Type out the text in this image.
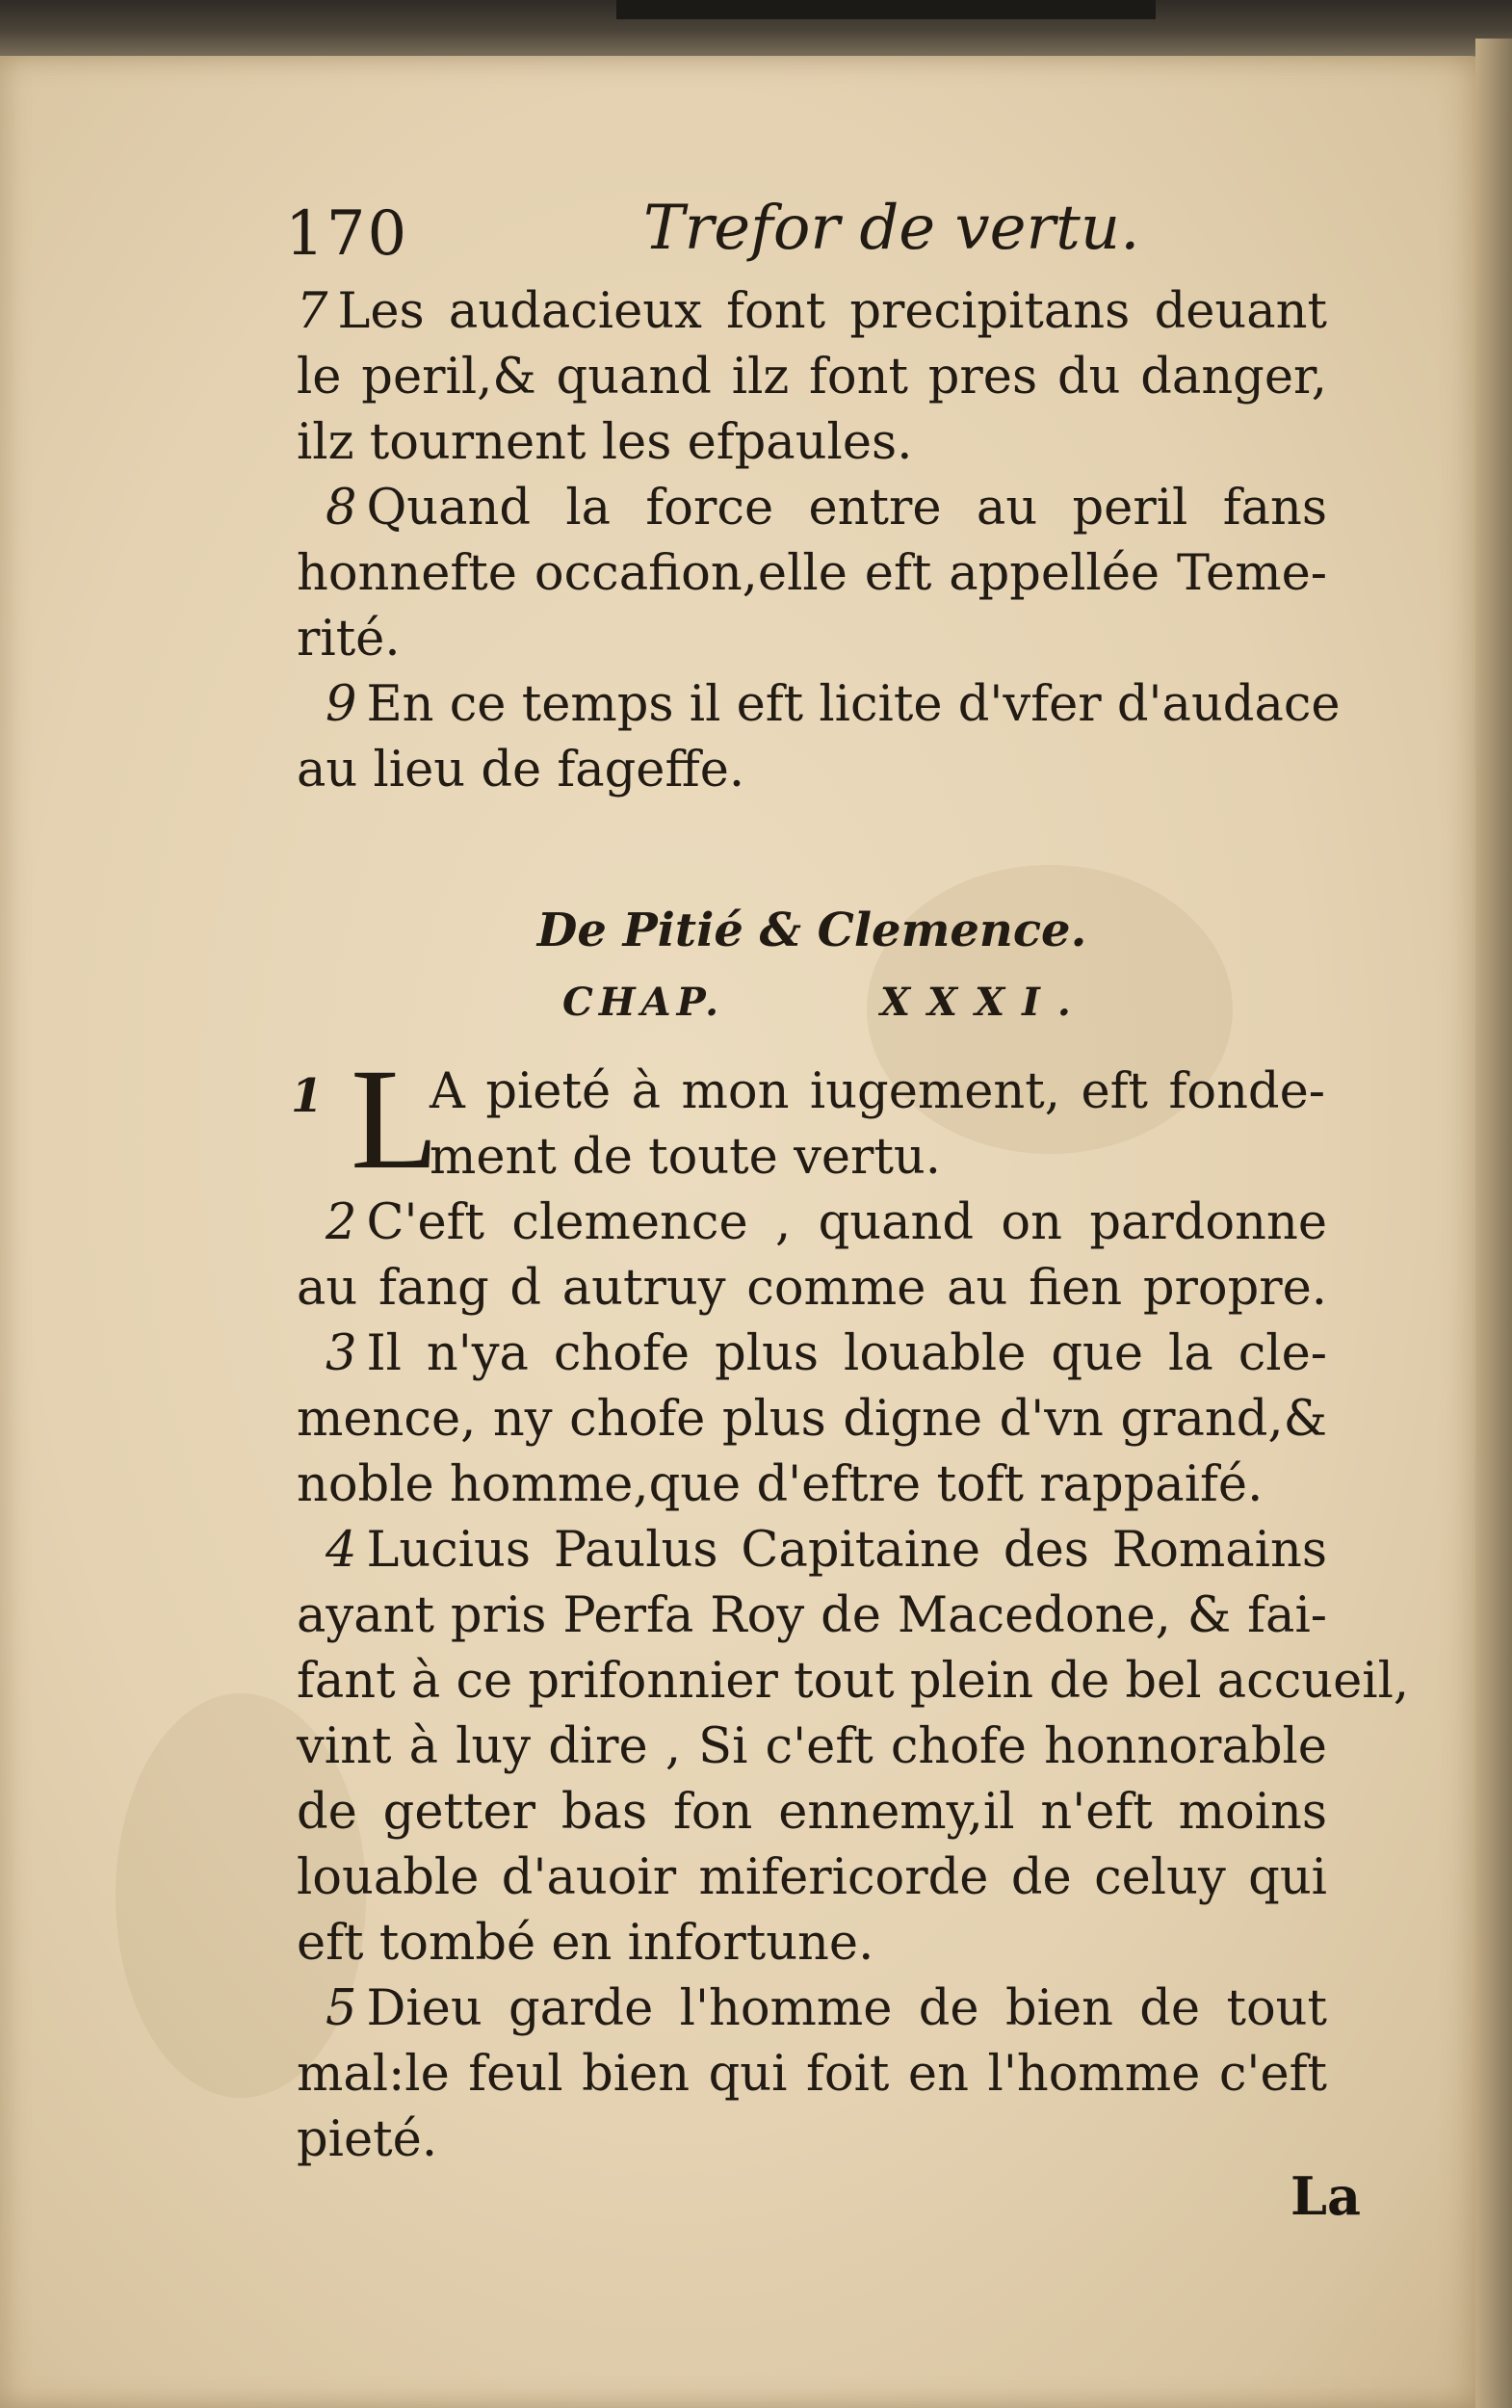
170	Trefor de vertu.
7 Les audacieux font precipitans deuant
le peril,& quand ilz font pres du danger,
ilz tournent les efpaules.
8 Quand la force entre au peril fans
honnefte occafion,elle eft appellée Teme-
rité.
9 En ce temps il eft licite d'vfer d'audace
au lieu de fageffe.
De Pitié & Clemence.
CHAP.	XXXI.
1 L
A pieté à mon iugement, eft fonde-
ment de toute vertu.
2 C'eft clemence , quand on pardonne
au fang d autruy comme au fien propre.
3 Il n'ya chofe plus louable que la cle-
mence, ny chofe plus digne d'vn grand,&
noble homme,que d'eftre toft rappaifé.
4 Lucius Paulus Capitaine des Romains
ayant pris Perfa Roy de Macedone, & fai-
fant à ce prifonnier tout plein de bel accueil,
vint à luy dire , Si c'eft chofe honnorable
de getter bas fon ennemy,il n'eft moins
louable d'auoir mifericorde de celuy qui
eft tombé en infortune.
5 Dieu garde l'homme de bien de tout
mal:le feul bien qui foit en l'homme c'eft
pieté.
La
